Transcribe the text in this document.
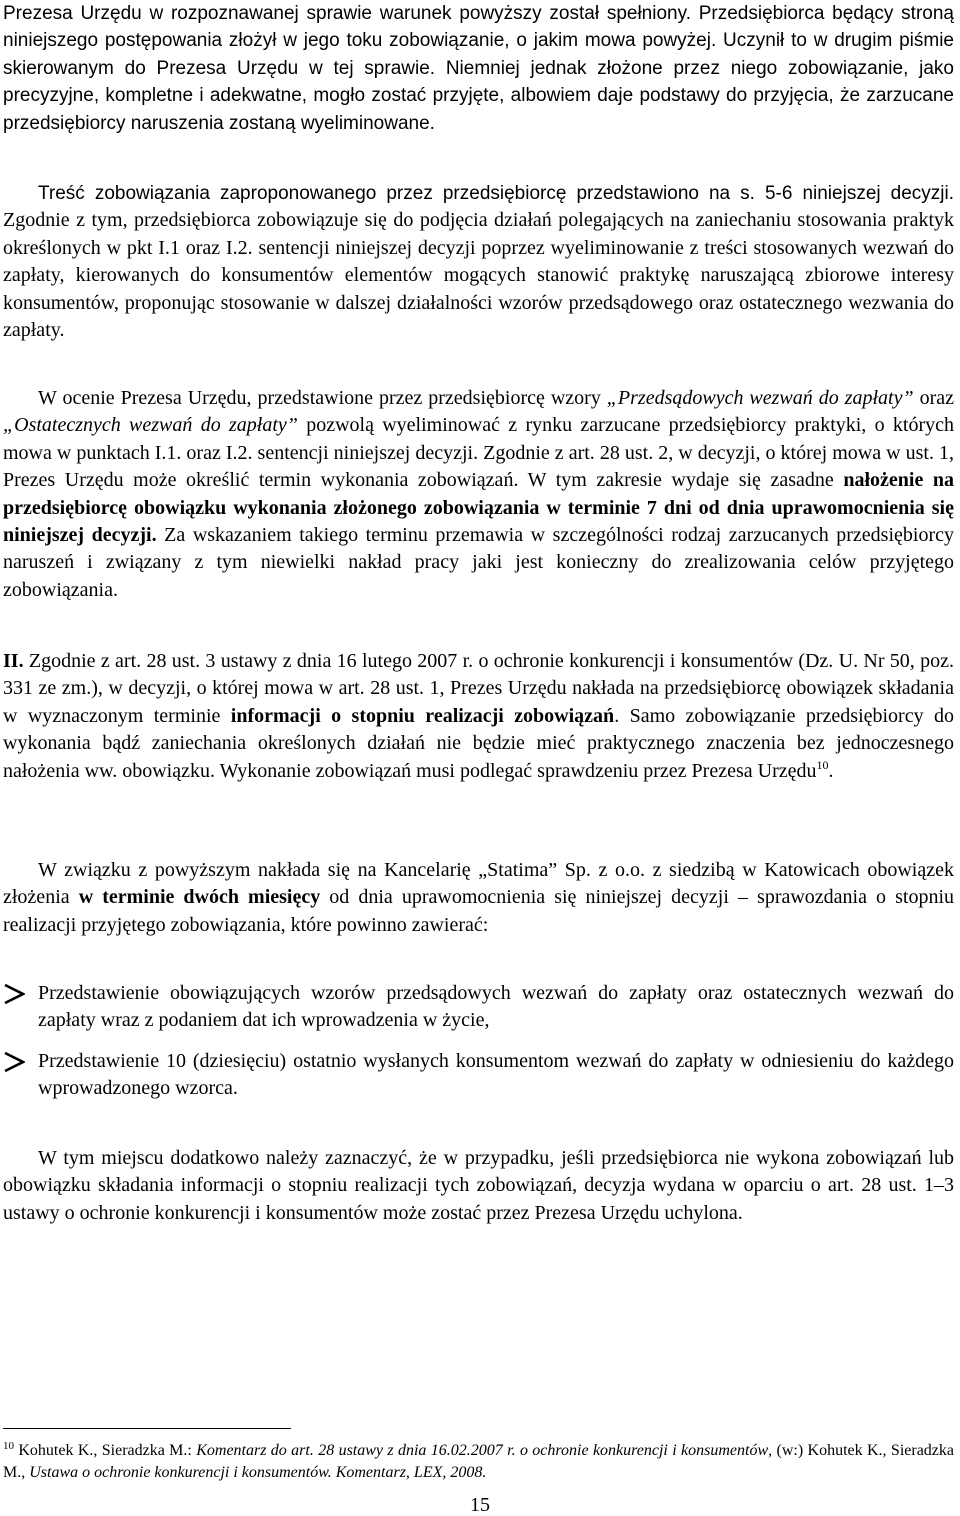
Prezesa Urzędu w rozpoznawanej sprawie warunek powyższy został spełniony. Przedsiębiorca będący stroną niniejszego postępowania złożył w jego toku zobowiązanie, o jakim mowa powyżej. Uczynił to w drugim piśmie skierowanym do Prezesa Urzędu w tej sprawie. Niemniej jednak złożone przez niego zobowiązanie, jako precyzyjne, kompletne i adekwatne, mogło zostać przyjęte, albowiem daje podstawy do przyjęcia, że zarzucane przedsiębiorcy naruszenia zostaną wyeliminowane.

Treść zobowiązania zaproponowanego przez przedsiębiorcę przedstawiono na s. 5-6 niniejszej decyzji. Zgodnie z tym, przedsiębiorca zobowiązuje się do podjęcia działań polegających na zaniechaniu stosowania praktyk określonych w pkt I.1 oraz I.2. sentencji niniejszej decyzji poprzez wyeliminowanie z treści stosowanych wezwań do zapłaty, kierowanych do konsumentów elementów mogących stanowić praktykę naruszającą zbiorowe interesy konsumentów, proponując stosowanie w dalszej działalności wzorów przedsądowego oraz ostatecznego wezwania do zapłaty.

W ocenie Prezesa Urzędu, przedstawione przez przedsiębiorcę wzory „Przedsądowych wezwań do zapłaty” oraz „Ostatecznych wezwań do zapłaty” pozwolą wyeliminować z rynku zarzucane przedsiębiorcy praktyki, o których mowa w punktach I.1. oraz I.2. sentencji niniejszej decyzji. Zgodnie z art. 28 ust. 2, w decyzji, o której mowa w ust. 1, Prezes Urzędu może określić termin wykonania zobowiązań. W tym zakresie wydaje się zasadne nałożenie na przedsiębiorcę obowiązku wykonania złożonego zobowiązania w terminie 7 dni od dnia uprawomocnienia się niniejszej decyzji. Za wskazaniem takiego terminu przemawia w szczególności rodzaj zarzucanych przedsiębiorcy naruszeń i związany z tym niewielki nakład pracy jaki jest konieczny do zrealizowania celów przyjętego zobowiązania.

II. Zgodnie z art. 28 ust. 3 ustawy z dnia 16 lutego 2007 r. o ochronie konkurencji i konsumentów (Dz. U. Nr 50, poz. 331 ze zm.), w decyzji, o której mowa w art. 28 ust. 1, Prezes Urzędu nakłada na przedsiębiorcę obowiązek składania w wyznaczonym terminie informacji o stopniu realizacji zobowiązań. Samo zobowiązanie przedsiębiorcy do wykonania bądź zaniechania określonych działań nie będzie mieć praktycznego znaczenia bez jednoczesnego nałożenia ww. obowiązku. Wykonanie zobowiązań musi podlegać sprawdzeniu przez Prezesa Urzędu$^{10}$.

W związku z powyższym nakłada się na Kancelarię „Statima” Sp. z o.o. z siedzibą w Katowicach obowiązek złożenia w terminie dwóch miesięcy od dnia uprawomocnienia się niniejszej decyzji – sprawozdania o stopniu realizacji przyjętego zobowiązania, które powinno zawierać:

Przedstawienie obowiązujących wzorów przedsądowych wezwań do zapłaty oraz ostatecznych wezwań do zapłaty wraz z podaniem dat ich wprowadzenia w życie,
Przedstawienie 10 (dziesięciu) ostatnio wysłanych konsumentom wezwań do zapłaty w odniesieniu do każdego wprowadzonego wzorca.

W tym miejscu dodatkowo należy zaznaczyć, że w przypadku, jeśli przedsiębiorca nie wykona zobowiązań lub obowiązku składania informacji o stopniu realizacji tych zobowiązań, decyzja wydana w oparciu o art. 28 ust. 1–3 ustawy o ochronie konkurencji i konsumentów może zostać przez Prezesa Urzędu uchylona.

$^{10}$ Kohutek K., Sieradzka M.: Komentarz do art. 28 ustawy z dnia 16.02.2007 r. o ochronie konkurencji i konsumentów, (w:) Kohutek K., Sieradzka M., Ustawa o ochronie konkurencji i konsumentów. Komentarz, LEX, 2008.
15
